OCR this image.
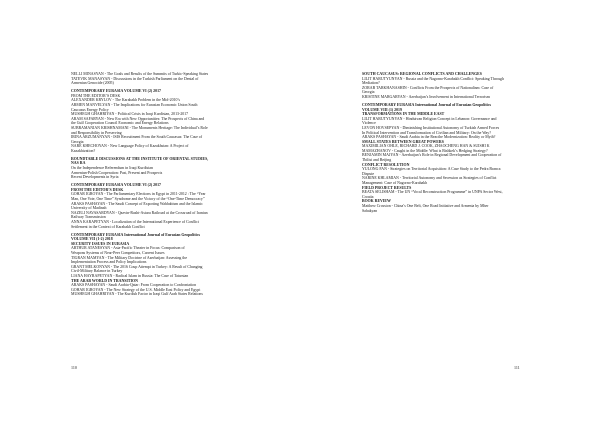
NELLI MINASYAN - The Goals and Results of the Summits of Turkic-Speaking States
TATEVIK MANASYAN - Discussions in the Turkish Parliament on the Denial of
Armenian Genocide (2005)
CONTEMPORARY EURASIA VOLUME VI (2) 2017
FROM THE EDITOR’S DESK
ALEXANDER KRYLOV - The Karabakh Problem in the Mid-2010’s
ARMEN MANVELYAN - The Implications for Eurasian Economic Union South
Caucasus Energy Policy
MUSHEGH GHAHRIYAN - Political Crisis in Iraqi Kurdistan, 2013-2017
ARAM SAFARYAN - New Era with New Opportunities: The Prospects of China and
the Gulf Cooperation Council Economic and Energy Relations
SUBRAMANIAN KRISHNAMANI - The Monuments Heritage: The Individual’s Role
and Responsibility in Preserving
IRINA ARZUMANYAN - ISIS Recruitment From the South Caucasus: The Case of
Georgia
NARE KHECHOYAN - New Language Policy of Kazakhstan: A Project of
Kazakhization?
ROUNDTABLE DISCUSSIONS AT THE INSTITUTE OF ORIENTAL STUDIES,
NAS RA
On the Independence Referendum in Iraqi Kurdistan
Armenian-Polish Cooperation: Past, Present and Prospects
Recent Developments in Syria
CONTEMPORARY EURASIA VOLUME VI (2) 2017
FROM THE EDITOR’S DESK
GOHAR IGROYAN - The Parliamentary Elections in Egypt in 2011-2012 : The “Year
Man, One Vote, One Time” Syndrome and the Victory of the “One-Time Democracy”
ARAKS PASHAYAN - The Saudi Concept of Exporting Wahhabism and the Islamic
University of Madinah
NAZELI NAVASARDYAN - Qazvin-Rasht-Astara Railroad at the Crossroad of Iranian
Railway Transmission
ANNA KARAPETYAN - Localization of the International Experience of Conflict
Settlement in the Context of Karabakh Conflict
CONTEMPORARY EURASIA International Journal of Eurasian Geopolitics
VOLUME VII (1-2) 2018
SECURITY ISSUES IN EURASIA
ARTHUR ATANESYAN - Asia-Pacific Theater in Focus: Comparison of
Weapons Systems of Near-Peer Competitors, Current Issues
TIGRAN MAMYAN - The Military Doctrine of Azerbaijan: Assessing the
Implementation Process and Policy Implications
GRANT MELKONYAN - The 2016 Coup Attempt in Turkey: A Result of Changing
Civil-Military Balance in Turkey
LIANA HAYRAPETYAN - Radical Islam in Russia: The Case of Tatarstan
THE ARAB WORLD IN TRANSITION
ARAKS PASHAYAN - Saudi Arabia-Qatar: From Cooperation to Confrontation
GOHAR IGROYAN - The New Strategy of the U.S. Middle East Policy and Egypt
MUSHEGH GHAHRIYAN - The Kurdish Factor in Iraqi Gulf Arab States Relations
110
SOUTH CAUCASUS: REGIONAL CONFLICTS AND CHALLENGES
LILIT HARUTYUNYAN - Russia and the Nagorno-Karabakh Conflict: Speaking Through
Mediation?
ZORAB TARKHANASHIN - Conflicts From the Prospects of Nationalism: Case of
Georgia
KRISTINE MARGARYAN - Azerbaijan’s Involvement in International Terrorism
CONTEMPORARY EURASIA International Journal of Eurasian Geopolitics
VOLUME VIII (1) 2019
TRANSFORMATIONS IN THE MIDDLE EAST
LILIT HARUTYUNYAN - Hindutvan Religion Concept in Lebanon: Governance and
Violence
LEVON HOVSEPYAN - Diminishing Institutional Autonomy of Turkish Armed Forces
In Political Intervention and Transformation of Civilian and Military: On the Way?
ARAKS PASHAYAN - Saudi Arabia in the Reacthe Modernization: Reality or Myth?
SMALL STATES BETWEEN GREAT POWERS
MAXIMILIAN OHLE, RICHARD J. COOK, ZHAOCHENG HAN & SUISHI K
MAMAZHANOV - Caught in the Middle: What is Bishkek’s Hedging Strategy?
BENJAMIN MAJYAN - Azerbaijan’s Role in Regional Development and Cooperation of
Tbilisi and Beijing
CONFLICT RESOLUTION
YULONG FAN - Strategies on Territorial Acquisition: A Case Study to the Pedra Branca
Dispute
NARINE KHLAMIAN - Territorial Autonomy and Secession as Strategies of Conflict
Management: Case of Nagorno-Karabakh
FIELD PROJECT RESULTS
BEATA SELISHAM - The UN “Vocal Reconstruction Programme” in UNPA Sector West,
Croatia
BOOK REVIEW
Matthew Crosston - China’s One Belt, One Road Initiative and Armenia by Mher
Sahakyan
111
